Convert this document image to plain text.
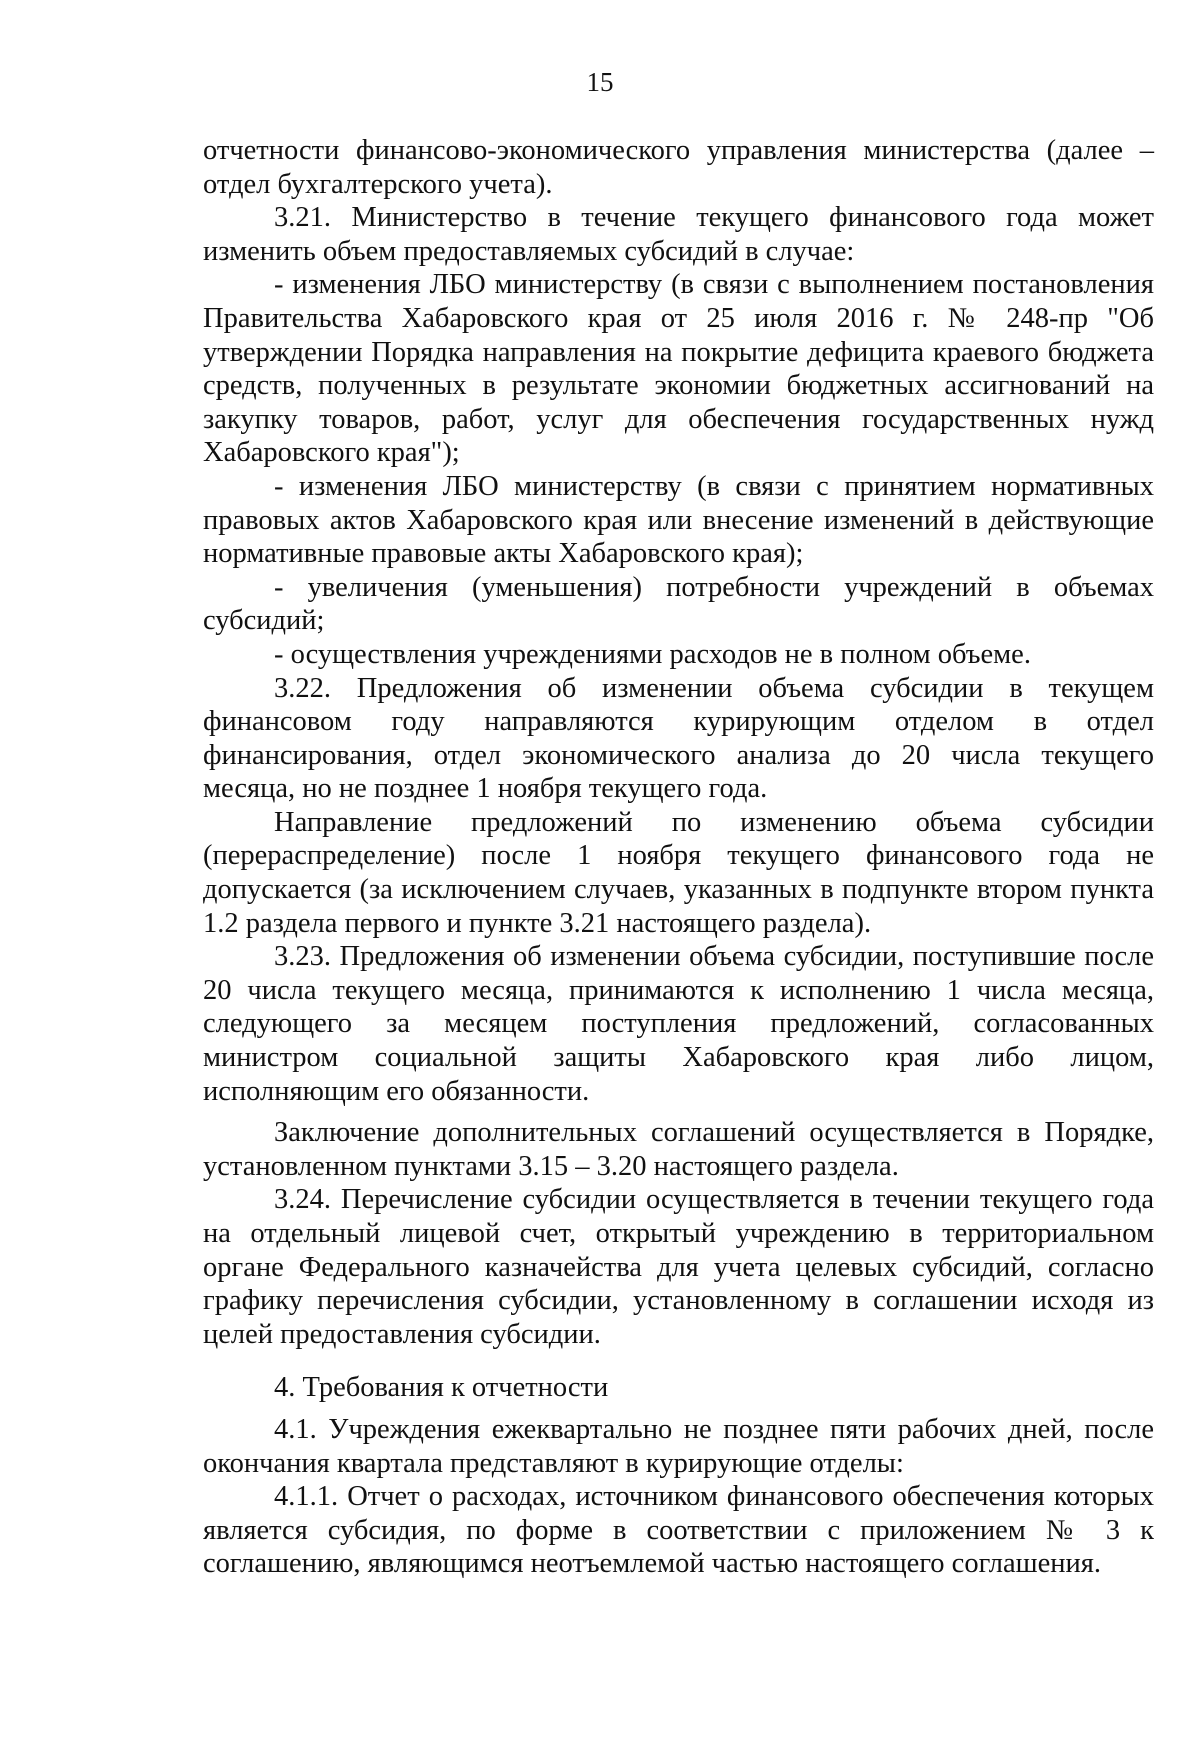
15

отчетности финансово-экономического управления министерства (далее – отдел бухгалтерского учета).

3.21. Министерство в течение текущего финансового года может изменить объем предоставляемых субсидий в случае:

- изменения ЛБО министерству (в связи с выполнением постановления Правительства Хабаровского края от 25 июля 2016 г. № 248-пр "Об утверждении Порядка направления на покрытие дефицита краевого бюджета средств, полученных в результате экономии бюджетных ассигнований на закупку товаров, работ, услуг для обеспечения государственных нужд Хабаровского края");

- изменения ЛБО министерству (в связи с принятием нормативных правовых актов Хабаровского края или внесение изменений в действующие нормативные правовые акты Хабаровского края);

- увеличения (уменьшения) потребности учреждений в объемах субсидий;

- осуществления учреждениями расходов не в полном объеме.

3.22. Предложения об изменении объема субсидии в текущем финансовом году направляются курирующим отделом в отдел финансирования, отдел экономического анализа до 20 числа текущего месяца, но не позднее 1 ноября текущего года.

Направление предложений по изменению объема субсидии (перераспределение) после 1 ноября текущего финансового года не допускается (за исключением случаев, указанных в подпункте втором пункта 1.2 раздела первого и пункте 3.21 настоящего раздела).

3.23. Предложения об изменении объема субсидии, поступившие после 20 числа текущего месяца, принимаются к исполнению 1 числа месяца, следующего за месяцем поступления предложений, согласованных министром социальной защиты Хабаровского края либо лицом, исполняющим его обязанности.

Заключение дополнительных соглашений осуществляется в Порядке, установленном пунктами 3.15 – 3.20 настоящего раздела.

3.24. Перечисление субсидии осуществляется в течении текущего года на отдельный лицевой счет, открытый учреждению в территориальном органе Федерального казначейства для учета целевых субсидий, согласно графику перечисления субсидии, установленному в соглашении исходя из целей предоставления субсидии.

4. Требования к отчетности

4.1. Учреждения ежеквартально не позднее пяти рабочих дней, после окончания квартала представляют в курирующие отделы:

4.1.1. Отчет о расходах, источником финансового обеспечения которых является субсидия, по форме в соответствии с приложением № 3 к соглашению, являющимся неотъемлемой частью настоящего соглашения.
